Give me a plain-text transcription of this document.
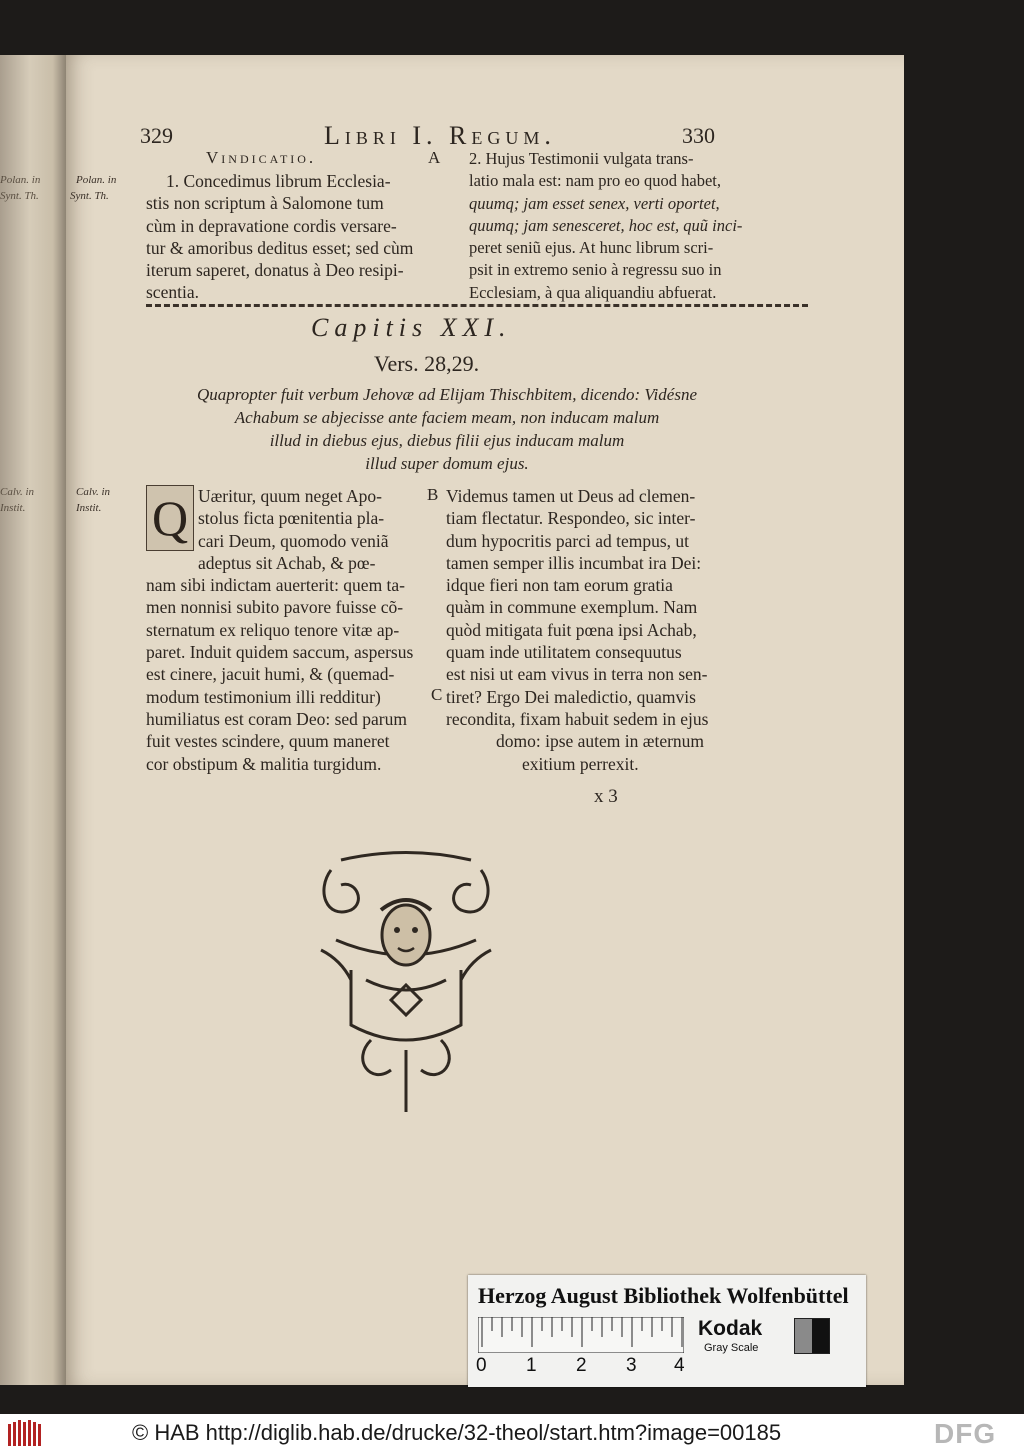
Polan. in
Synt. Th.
Calv. in
Instit.
329	Libri I. Regum.	330
Vindicatio.	A
Polan. in
Synt. Th.
1. Concedimus librum Ecclesia-
stis non scriptum à Salomone tum
cùm in depravatione cordis versare-
tur & amoribus deditus esset; sed cùm
iterum saperet, donatus à Deo resipi-
scentia.
2. Hujus Testimonii vulgata trans-
latio mala est: nam pro eo quod habet,
quumq; jam esset senex, verti oportet,
quumq; jam senesceret, hoc est, quũ inci-
peret seniũ ejus. At hunc librum scri-
psit in extremo senio à regressu suo in
Ecclesiam, à qua aliquandiu abfuerat.
Capitis XXI.
Vers. 28,29.
Quapropter fuit verbum Jehovæ ad Elijam Thischbitem, dicendo: Vidésne
Achabum se abjecisse ante faciem meam, non inducam malum
illud in diebus ejus, diebus filii ejus inducam malum
illud super domum ejus.
Calv. in
Instit. Q Uæritur, quum neget Apo-
stolus ficta pœnitentia pla-
cari Deum, quomodo veniã
adeptus sit Achab, & pœ-
nam sibi indictam auerterit: quem ta-
men nonnisi subito pavore fuisse cõ-
sternatum ex reliquo tenore vitæ ap-
paret. Induit quidem saccum, aspersus
est cinere, jacuit humi, & (quemad-
modum testimonium illi redditur)
humiliatus est coram Deo: sed parum
fuit vestes scindere, quum maneret
cor obstipum & malitia turgidum.
B
C
Videmus tamen ut Deus ad clemen-
tiam flectatur. Respondeo, sic inter-
dum hypocritis parci ad tempus, ut
tamen semper illis incumbat ira Dei:
idque fieri non tam eorum gratia
quàm in commune exemplum. Nam
quòd mitigata fuit pœna ipsi Achab,
quam inde utilitatem consequutus
est nisi ut eam vivus in terra non sen-
tiret? Ergo Dei maledictio, quamvis
recondita, fixam habuit sedem in ejus
domo: ipse autem in æternum
exitium perrexit.
x 3
Herzog August Bibliothek Wolfenbüttel
0 1 2 3 4
Kodak
Gray Scale
© HAB http://diglib.hab.de/drucke/32-theol/start.htm?image=00185	DFG
